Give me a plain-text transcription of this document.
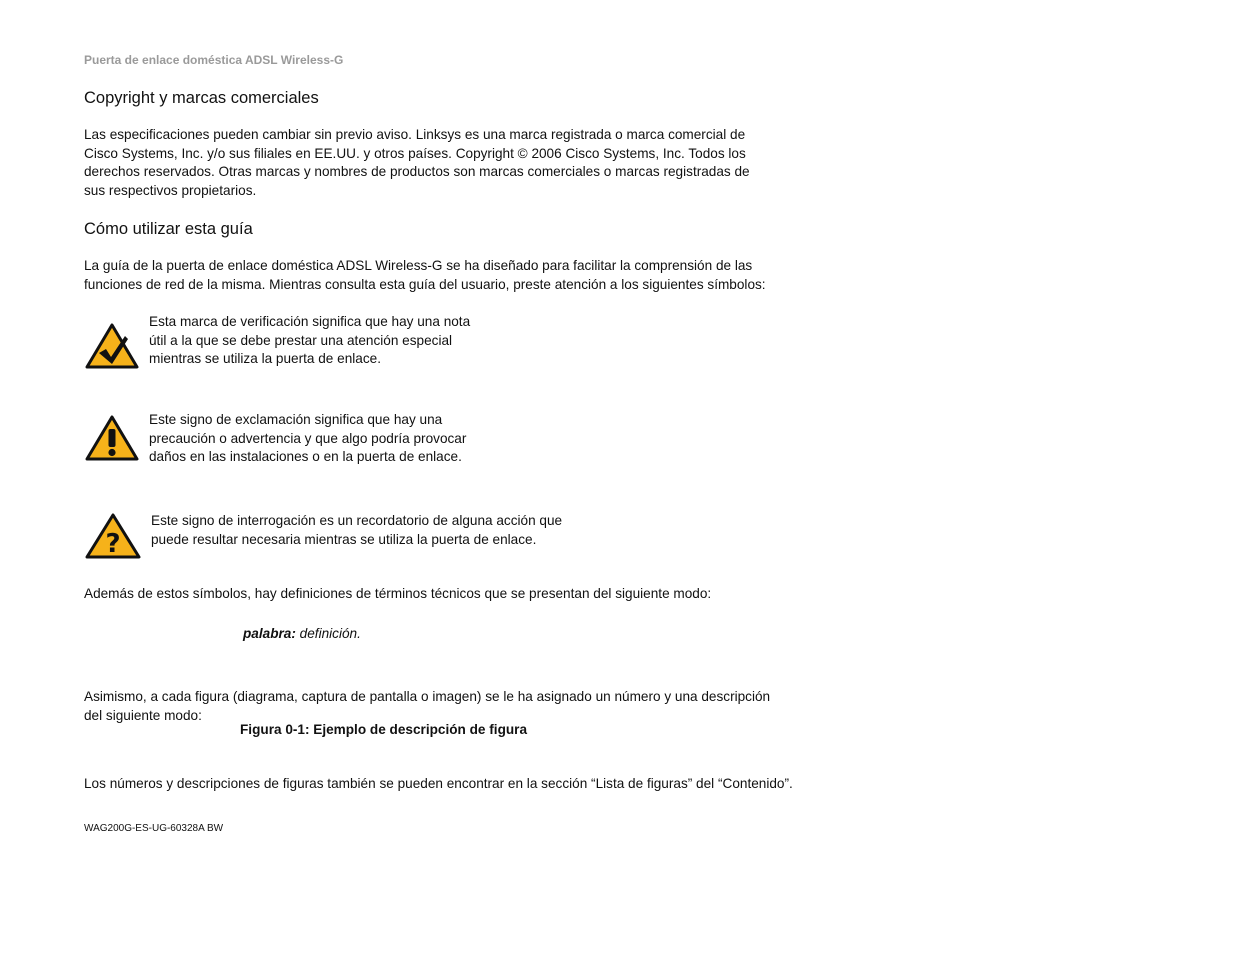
Puerta de enlace doméstica ADSL Wireless-G
Copyright y marcas comerciales
Las especificaciones pueden cambiar sin previo aviso. Linksys es una marca registrada o marca comercial de Cisco Systems, Inc. y/o sus filiales en EE.UU. y otros países. Copyright © 2006 Cisco Systems, Inc. Todos los derechos reservados. Otras marcas y nombres de productos son marcas comerciales o marcas registradas de sus respectivos propietarios.
Cómo utilizar esta guía
La guía de la puerta de enlace doméstica ADSL Wireless-G se ha diseñado para facilitar la comprensión de las funciones de red de la misma. Mientras consulta esta guía del usuario, preste atención a los siguientes símbolos:
Esta marca de verificación significa que hay una nota útil a la que se debe prestar una atención especial mientras se utiliza la puerta de enlace.
Este signo de exclamación significa que hay una precaución o advertencia y que algo podría provocar daños en las instalaciones o en la puerta de enlace.
?
Este signo de interrogación es un recordatorio de alguna acción que puede resultar necesaria mientras se utiliza la puerta de enlace.
Además de estos símbolos, hay definiciones de términos técnicos que se presentan del siguiente modo:
palabra: definición.
Asimismo, a cada figura (diagrama, captura de pantalla o imagen) se le ha asignado un número y una descripción del siguiente modo:
Figura 0-1: Ejemplo de descripción de figura
Los números y descripciones de figuras también se pueden encontrar en la sección “Lista de figuras” del “Contenido”.
WAG200G-ES-UG-60328A BW
